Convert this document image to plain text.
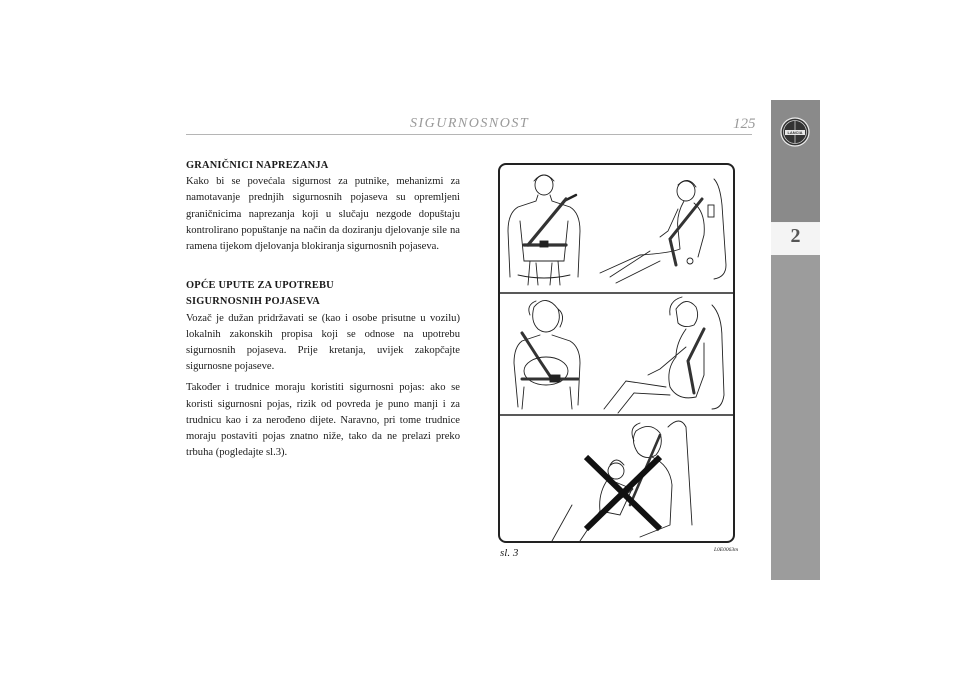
SIGURNOSNOST	125
LANCIA
2
GRANIČNICI NAPREZANJA

Kako bi se povećala sigurnost za putnike, mehanizmi za namotavanje prednjih sigurnosnih pojaseva su opremljeni graničnicima naprezanja koji u slučaju nezgode dopuštaju kontrolirano popuštanje na način da doziranju djelovanje sile na ramena tijekom djelovanja blokiranja sigurnosnih pojaseva.

OPĆE UPUTE ZA UPOTREBU
SIGURNOSNIH POJASEVA

Vozač je dužan pridržavati se (kao i osobe prisutne u vozilu) lokalnih zakonskih propisa koji se odnose na upotrebu sigurnosnih pojaseva. Prije kretanja, uvijek zakopčajte sigurnosne pojaseve.

Također i trudnice moraju koristiti sigurnosni pojas: ako se koristi sigurnosni pojas, rizik od povreda je puno manji i za trudnicu kao i za nerođeno dijete. Naravno, pri tome trudnice moraju postaviti pojas znatno niže, tako da ne prelazi preko trbuha (pogledajte sl.3).

sl. 3	L0E0063m
